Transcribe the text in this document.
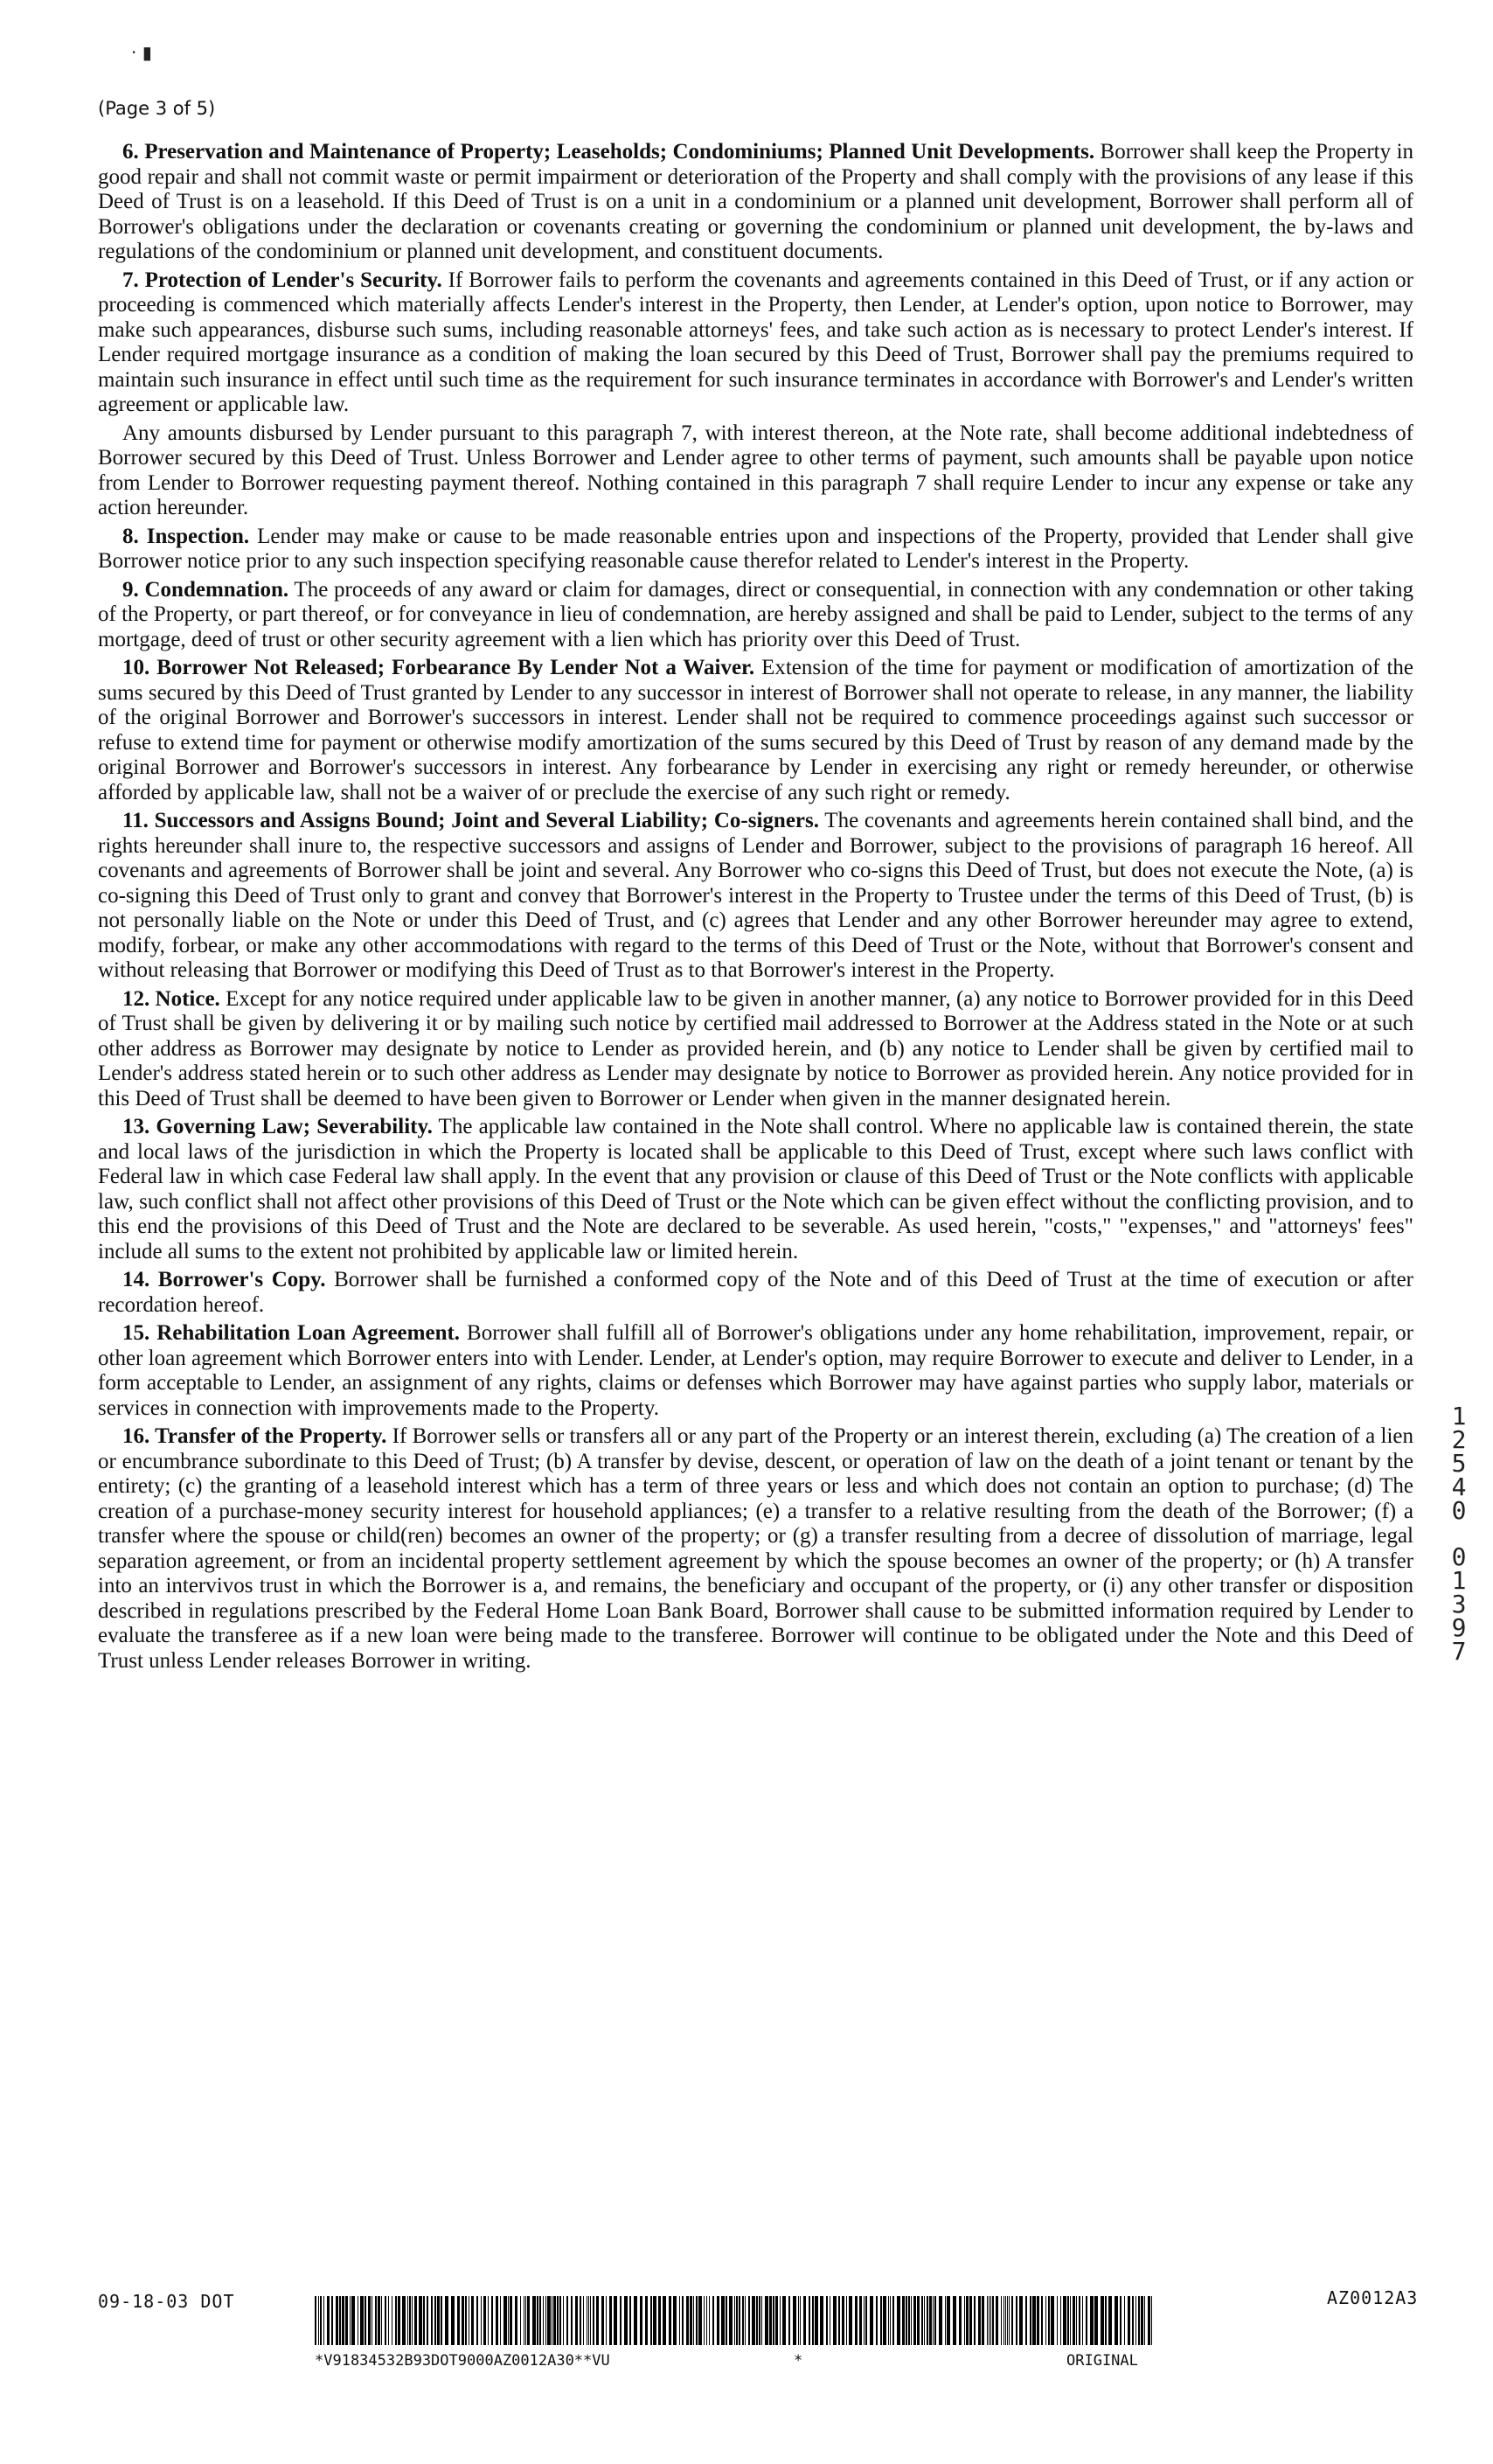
· ▮
(Page 3 of 5)

6. Preservation and Maintenance of Property; Leaseholds; Condominiums; Planned Unit Developments. Borrower shall keep the Property in good repair and shall not commit waste or permit impairment or deterioration of the Property and shall comply with the provisions of any lease if this Deed of Trust is on a leasehold. If this Deed of Trust is on a unit in a condominium or a planned unit development, Borrower shall perform all of Borrower's obligations under the declaration or covenants creating or governing the condominium or planned unit development, the by-laws and regulations of the condominium or planned unit development, and constituent documents.

7. Protection of Lender's Security. If Borrower fails to perform the covenants and agreements contained in this Deed of Trust, or if any action or proceeding is commenced which materially affects Lender's interest in the Property, then Lender, at Lender's option, upon notice to Borrower, may make such appearances, disburse such sums, including reasonable attorneys' fees, and take such action as is necessary to protect Lender's interest. If Lender required mortgage insurance as a condition of making the loan secured by this Deed of Trust, Borrower shall pay the premiums required to maintain such insurance in effect until such time as the requirement for such insurance terminates in accordance with Borrower's and Lender's written agreement or applicable law.

Any amounts disbursed by Lender pursuant to this paragraph 7, with interest thereon, at the Note rate, shall become additional indebtedness of Borrower secured by this Deed of Trust. Unless Borrower and Lender agree to other terms of payment, such amounts shall be payable upon notice from Lender to Borrower requesting payment thereof. Nothing contained in this paragraph 7 shall require Lender to incur any expense or take any action hereunder.

8. Inspection. Lender may make or cause to be made reasonable entries upon and inspections of the Property, provided that Lender shall give Borrower notice prior to any such inspection specifying reasonable cause therefor related to Lender's interest in the Property.

9. Condemnation. The proceeds of any award or claim for damages, direct or consequential, in connection with any condemnation or other taking of the Property, or part thereof, or for conveyance in lieu of condemnation, are hereby assigned and shall be paid to Lender, subject to the terms of any mortgage, deed of trust or other security agreement with a lien which has priority over this Deed of Trust.

10. Borrower Not Released; Forbearance By Lender Not a Waiver. Extension of the time for payment or modification of amortization of the sums secured by this Deed of Trust granted by Lender to any successor in interest of Borrower shall not operate to release, in any manner, the liability of the original Borrower and Borrower's successors in interest. Lender shall not be required to commence proceedings against such successor or refuse to extend time for payment or otherwise modify amortization of the sums secured by this Deed of Trust by reason of any demand made by the original Borrower and Borrower's successors in interest. Any forbearance by Lender in exercising any right or remedy hereunder, or otherwise afforded by applicable law, shall not be a waiver of or preclude the exercise of any such right or remedy.

11. Successors and Assigns Bound; Joint and Several Liability; Co-signers. The covenants and agreements herein contained shall bind, and the rights hereunder shall inure to, the respective successors and assigns of Lender and Borrower, subject to the provisions of paragraph 16 hereof. All covenants and agreements of Borrower shall be joint and several. Any Borrower who co-signs this Deed of Trust, but does not execute the Note, (a) is co-signing this Deed of Trust only to grant and convey that Borrower's interest in the Property to Trustee under the terms of this Deed of Trust, (b) is not personally liable on the Note or under this Deed of Trust, and (c) agrees that Lender and any other Borrower hereunder may agree to extend, modify, forbear, or make any other accommodations with regard to the terms of this Deed of Trust or the Note, without that Borrower's consent and without releasing that Borrower or modifying this Deed of Trust as to that Borrower's interest in the Property.

12. Notice. Except for any notice required under applicable law to be given in another manner, (a) any notice to Borrower provided for in this Deed of Trust shall be given by delivering it or by mailing such notice by certified mail addressed to Borrower at the Address stated in the Note or at such other address as Borrower may designate by notice to Lender as provided herein, and (b) any notice to Lender shall be given by certified mail to Lender's address stated herein or to such other address as Lender may designate by notice to Borrower as provided herein. Any notice provided for in this Deed of Trust shall be deemed to have been given to Borrower or Lender when given in the manner designated herein.

13. Governing Law; Severability. The applicable law contained in the Note shall control. Where no applicable law is contained therein, the state and local laws of the jurisdiction in which the Property is located shall be applicable to this Deed of Trust, except where such laws conflict with Federal law in which case Federal law shall apply. In the event that any provision or clause of this Deed of Trust or the Note conflicts with applicable law, such conflict shall not affect other provisions of this Deed of Trust or the Note which can be given effect without the conflicting provision, and to this end the provisions of this Deed of Trust and the Note are declared to be severable. As used herein, "costs," "expenses," and "attorneys' fees" include all sums to the extent not prohibited by applicable law or limited herein.

14. Borrower's Copy. Borrower shall be furnished a conformed copy of the Note and of this Deed of Trust at the time of execution or after recordation hereof.

15. Rehabilitation Loan Agreement. Borrower shall fulfill all of Borrower's obligations under any home rehabilitation, improvement, repair, or other loan agreement which Borrower enters into with Lender. Lender, at Lender's option, may require Borrower to execute and deliver to Lender, in a form acceptable to Lender, an assignment of any rights, claims or defenses which Borrower may have against parties who supply labor, materials or services in connection with improvements made to the Property.

16. Transfer of the Property. If Borrower sells or transfers all or any part of the Property or an interest therein, excluding (a) The creation of a lien or encumbrance subordinate to this Deed of Trust; (b) A transfer by devise, descent, or operation of law on the death of a joint tenant or tenant by the entirety; (c) the granting of a leasehold interest which has a term of three years or less and which does not contain an option to purchase; (d) The creation of a purchase-money security interest for household appliances; (e) a transfer to a relative resulting from the death of the Borrower; (f) a transfer where the spouse or child(ren) becomes an owner of the property; or (g) a transfer resulting from a decree of dissolution of marriage, legal separation agreement, or from an incidental property settlement agreement by which the spouse becomes an owner of the property; or (h) A transfer into an intervivos trust in which the Borrower is a, and remains, the beneficiary and occupant of the property, or (i) any other transfer or disposition described in regulations prescribed by the Federal Home Loan Bank Board, Borrower shall cause to be submitted information required by Lender to evaluate the transferee as if a new loan were being made to the transferee. Borrower will continue to be obligated under the Note and this Deed of Trust unless Lender releases Borrower in writing.

12540
01397
09-18-03 DOT	AZ0012A3
*V91834532B93DOT9000AZ0012A30**VU	*	ORIGINAL
